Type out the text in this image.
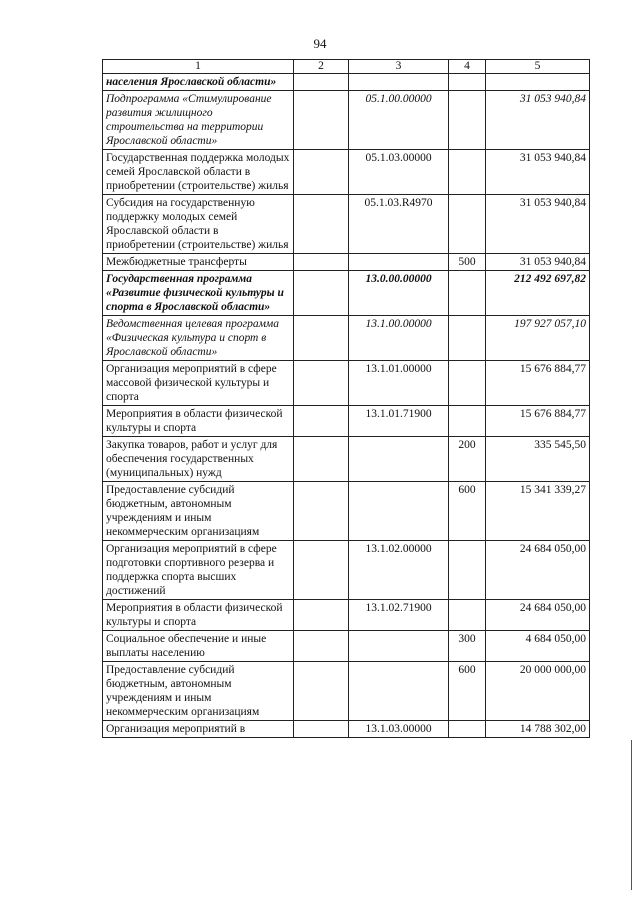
94
1	2	3	4	5
населения Ярославской области»				
Подпрограмма «Стимулирование развития жилищного строительства на территории Ярославской области»		05.1.00.00000		31 053 940,84
Государственная поддержка молодых семей Ярославской области в приобретении (строительстве) жилья		05.1.03.00000		31 053 940,84
Субсидия на государственную поддержку молодых семей Ярославской области в приобретении (строительстве) жилья		05.1.03.R4970		31 053 940,84
Межбюджетные трансферты			500	31 053 940,84
Государственная программа «Развитие физической культуры и спорта в Ярославской области»		13.0.00.00000		212 492 697,82
Ведомственная целевая программа «Физическая культура и спорт в Ярославской области»		13.1.00.00000		197 927 057,10
Организация мероприятий в сфере массовой физической культуры и спорта		13.1.01.00000		15 676 884,77
Мероприятия в области физической культуры и спорта		13.1.01.71900		15 676 884,77
Закупка товаров, работ и услуг для обеспечения государственных (муниципальных) нужд			200	335 545,50
Предоставление субсидий бюджетным, автономным учреждениям и иным некоммерческим организациям			600	15 341 339,27
Организация мероприятий в сфере подготовки спортивного резерва и поддержка спорта высших достижений		13.1.02.00000		24 684 050,00
Мероприятия в области физической культуры и спорта		13.1.02.71900		24 684 050,00
Социальное обеспечение и иные выплаты населению			300	4 684 050,00
Предоставление субсидий бюджетным, автономным учреждениям и иным некоммерческим организациям			600	20 000 000,00
Организация мероприятий в		13.1.03.00000		14 788 302,00
